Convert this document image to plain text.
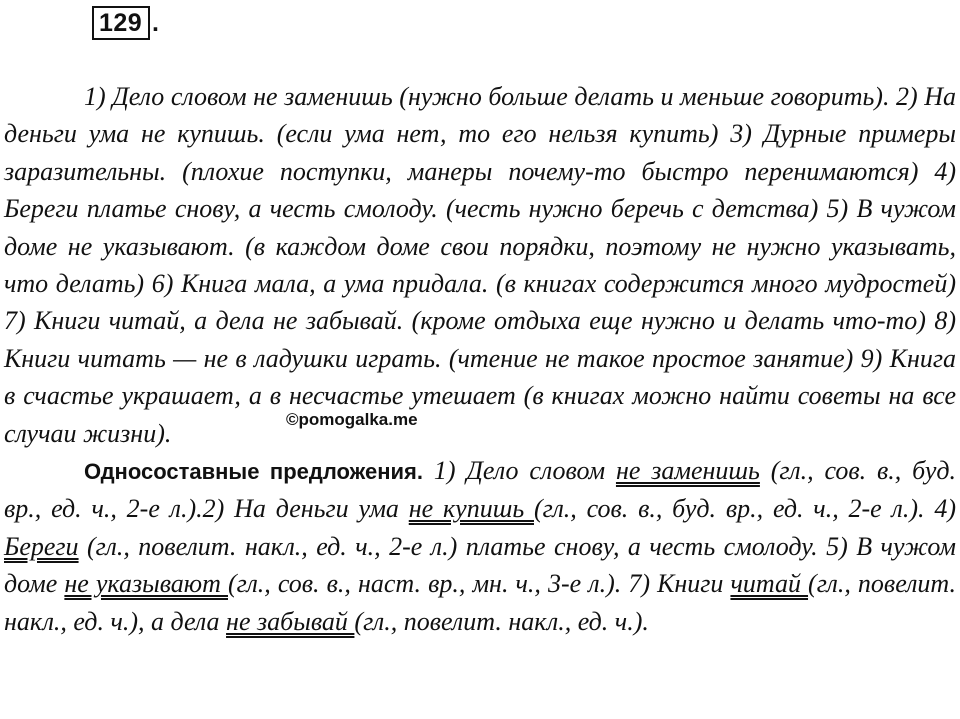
129 .

1) Дело словом не заменишь (нужно больше делать и меньше говорить). 2) На деньги ума не купишь. (если ума нет, то его нельзя купить) 3) Дурные примеры заразительны. (плохие поступки, манеры почему-то быстро перенимаются) 4) Береги платье снову, а честь смолоду. (честь нужно беречь с детства) 5) В чужом доме не указывают. (в каждом доме свои порядки, поэтому не нужно указывать, что делать) 6) Книга мала, а ума придала. (в книгах содержится много мудростей) 7) Книги читай, а дела не забывай. (кроме отдыха еще нужно и делать что-то) 8) Книги читать — не в ладушки играть. (чтение не такое простое занятие) 9) Книга в счастье украшает, а в несчастье утешает (в книгах можно найти советы на все случаи жизни).

Односоставные предложения. 1) Дело словом не заменишь (гл., сов. в., буд. вр., ед. ч., 2-е л.).2) На деньги ума не купишь (гл., сов. в., буд. вр., ед. ч., 2-е л.). 4) Береги (гл., повелит. накл., ед. ч., 2-е л.) платье снову, а честь смолоду. 5) В чужом доме не указывают (гл., сов. в., наст. вр., мн. ч., 3-е л.). 7) Книги читай (гл., повелит. накл., ед. ч.), а дела не забывай (гл., повелит. накл., ед. ч.).

©pomogalka.me
